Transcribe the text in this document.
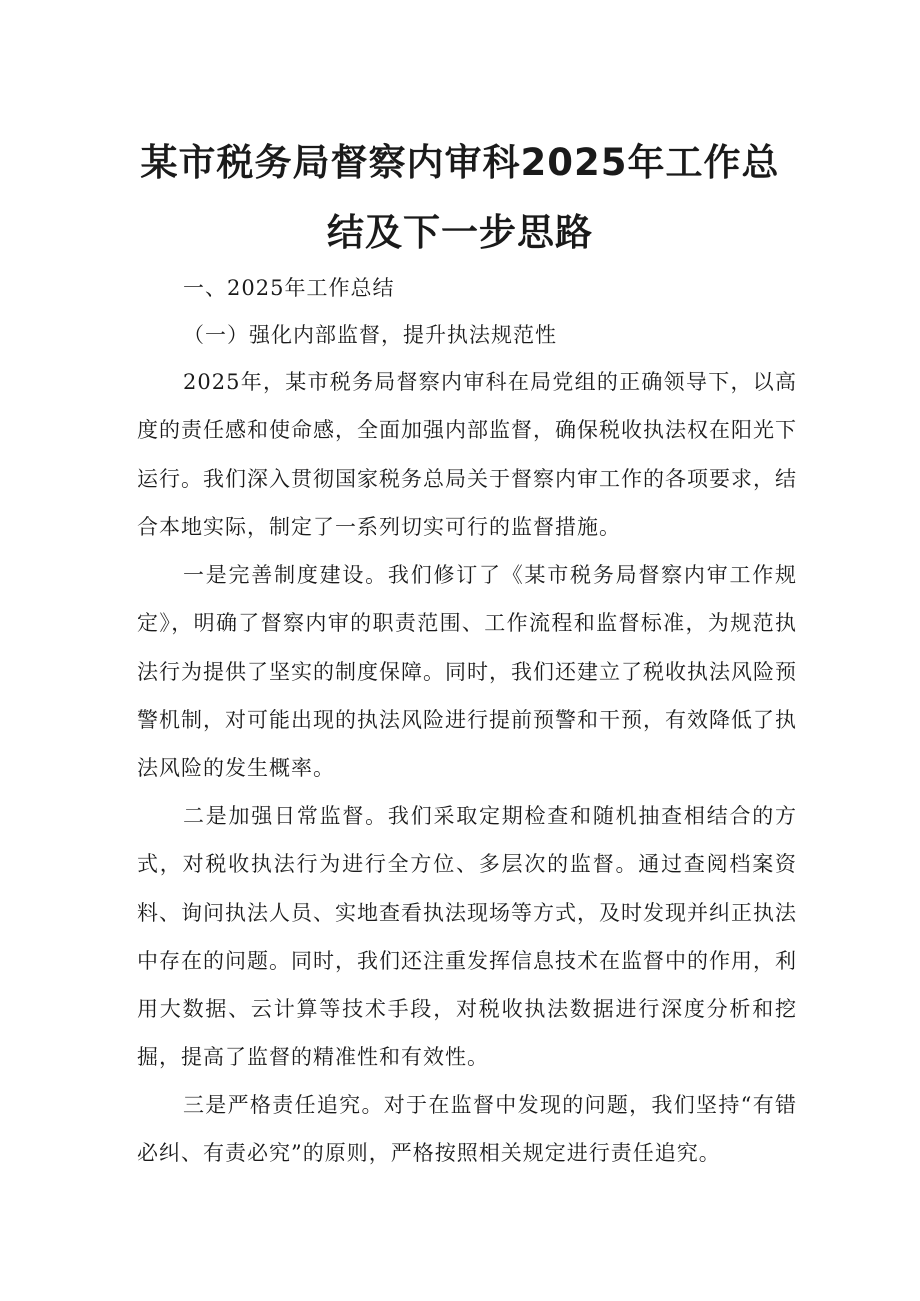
某市税务局督察内审科2025年工作总
结及下一步思路
一、2025年工作总结
（一）强化内部监督，提升执法规范性

2025年，某市税务局督察内审科在局党组的正确领导下，以高度的责任感和使命感，全面加强内部监督，确保税收执法权在阳光下运行。我们深入贯彻国家税务总局关于督察内审工作的各项要求，结合本地实际，制定了一系列切实可行的监督措施。

一是完善制度建设。我们修订了《某市税务局督察内审工作规定》，明确了督察内审的职责范围、工作流程和监督标准，为规范执法行为提供了坚实的制度保障。同时，我们还建立了税收执法风险预警机制，对可能出现的执法风险进行提前预警和干预，有效降低了执法风险的发生概率。

二是加强日常监督。我们采取定期检查和随机抽查相结合的方式，对税收执法行为进行全方位、多层次的监督。通过查阅档案资料、询问执法人员、实地查看执法现场等方式，及时发现并纠正执法中存在的问题。同时，我们还注重发挥信息技术在监督中的作用，利用大数据、云计算等技术手段，对税收执法数据进行深度分析和挖掘，提高了监督的精准性和有效性。

三是严格责任追究。对于在监督中发现的问题，我们坚持“有错必纠、有责必究”的原则，严格按照相关规定进行责任追究。
